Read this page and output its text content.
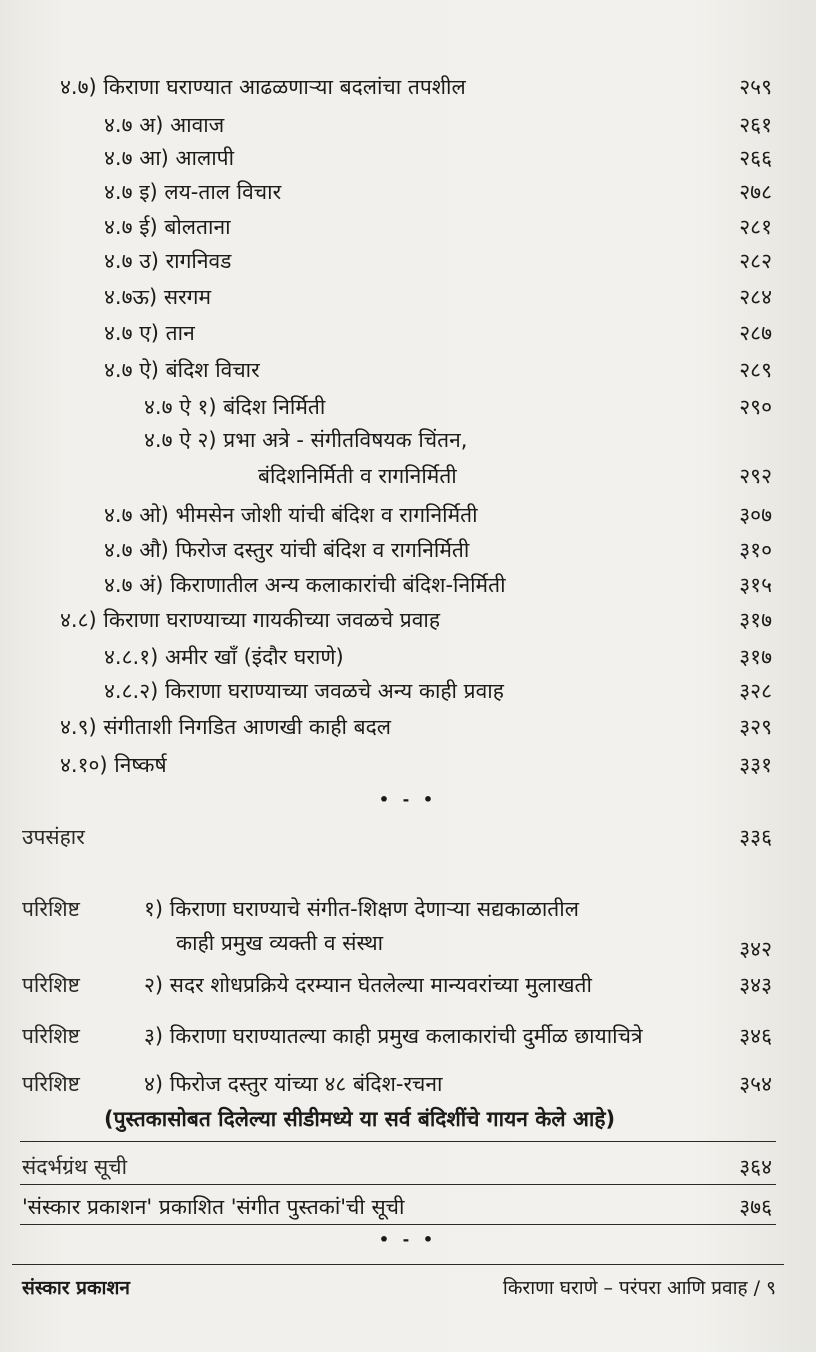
४.७) किराणा घराण्यात आढळणाऱ्या बदलांचा तपशील	२५९
४.७ अ) आवाज	२६१
४.७ आ) आलापी	२६६
४.७ इ) लय-ताल विचार	२७८
४.७ ई) बोलताना	२८१
४.७ उ) रागनिवड	२८२
४.७ऊ) सरगम	२८४
४.७ ए) तान	२८७
४.७ ऐ) बंदिश विचार	२८९
४.७ ऐ १) बंदिश निर्मिती	२९०
४.७ ऐ २) प्रभा अत्रे - संगीतविषयक चिंतन,
बंदिशनिर्मिती व रागनिर्मिती	२९२
४.७ ओ) भीमसेन जोशी यांची बंदिश व रागनिर्मिती	३०७
४.७ औ) फिरोज दस्तुर यांची बंदिश व रागनिर्मिती	३१०
४.७ अं) किराणातील अन्य कलाकारांची बंदिश-निर्मिती	३१५
४.८) किराणा घराण्याच्या गायकीच्या जवळचे प्रवाह	३१७
४.८.१) अमीर खाँ (इंदौर घराणे)	३१७
४.८.२) किराणा घराण्याच्या जवळचे अन्य काही प्रवाह	३२८
४.९) संगीताशी निगडित आणखी काही बदल	३२९
४.१०) निष्कर्ष	३३१
• - •
उपसंहार	३३६
परिशिष्ट	१) किराणा घराण्याचे संगीत-शिक्षण देणाऱ्या सद्यकाळातील
काही प्रमुख व्यक्ती व संस्था	३४२
परिशिष्ट	२) सदर शोधप्रक्रिये दरम्यान घेतलेल्या मान्यवरांच्या मुलाखती	३४३
परिशिष्ट	३) किराणा घराण्यातल्या काही प्रमुख कलाकारांची दुर्मीळ छायाचित्रे	३४६
परिशिष्ट	४) फिरोज दस्तुर यांच्या ४८ बंदिश-रचना	३५४
(पुस्तकासोबत दिलेल्या सीडीमध्ये या सर्व बंदिशींचे गायन केले आहे)
संदर्भग्रंथ सूची	३६४
'संस्कार प्रकाशन' प्रकाशित 'संगीत पुस्तकां'ची सूची	३७६
• - •
संस्कार प्रकाशन	किराणा घराणे – परंपरा आणि प्रवाह / ९
